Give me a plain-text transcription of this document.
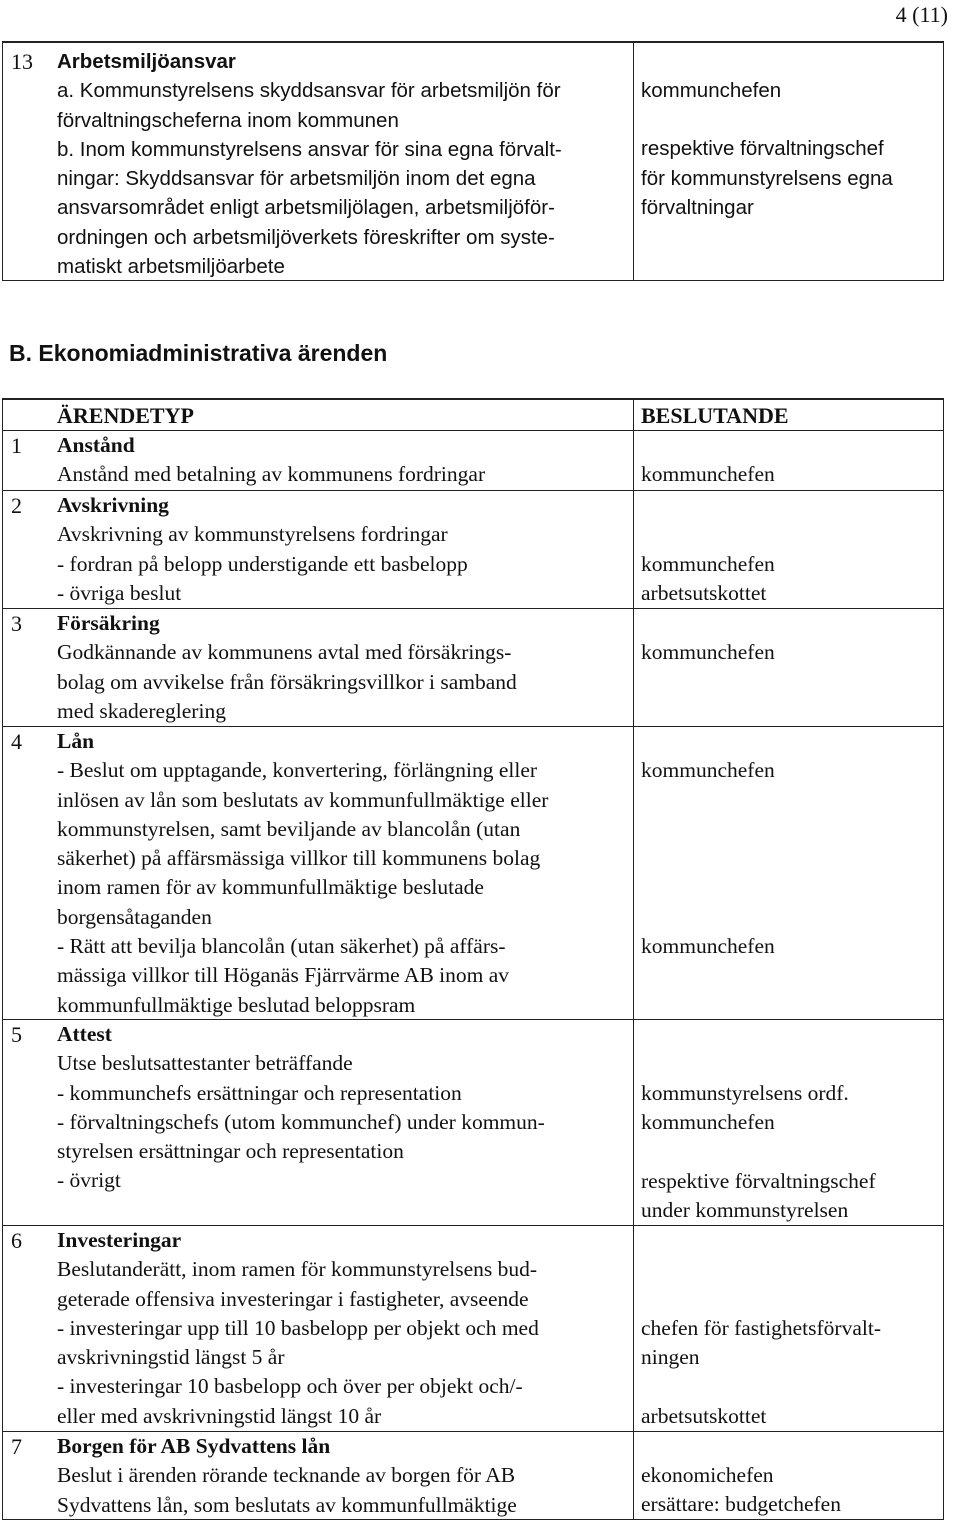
4 (11)
13 Arbetsmiljöansvar
a. Kommunstyrelsens skyddsansvar för arbetsmiljön för
förvaltningscheferna inom kommunen
b. Inom kommunstyrelsens ansvar för sina egna förvalt-
ningar: Skyddsansvar för arbetsmiljön inom det egna
ansvarsområdet enligt arbetsmiljölagen, arbetsmiljöför-
ordningen och arbetsmiljöverkets föreskrifter om syste-
matiskt arbetsmiljöarbete
kommunchefen
respektive förvaltningschef
för kommunstyrelsens egna
förvaltningar
B. Ekonomiadministrativa ärenden
ÄRENDETYP	BESLUTANDE
1 Anstånd
Anstånd med betalning av kommunens fordringar	kommunchefen
2 Avskrivning
Avskrivning av kommunstyrelsens fordringar
- fordran på belopp understigande ett basbelopp
- övriga beslut
kommunchefen
arbetsutskottet
3 Försäkring
Godkännande av kommunens avtal med försäkrings-
bolag om avvikelse från försäkringsvillkor i samband
med skadereglering
kommunchefen
4 Lån
- Beslut om upptagande, konvertering, förlängning eller
inlösen av lån som beslutats av kommunfullmäktige eller
kommunstyrelsen, samt beviljande av blancolån (utan
säkerhet) på affärsmässiga villkor till kommunens bolag
inom ramen för av kommunfullmäktige beslutade
borgensåtaganden
- Rätt att bevilja blancolån (utan säkerhet) på affärs-
mässiga villkor till Höganäs Fjärrvärme AB inom av
kommunfullmäktige beslutad beloppsram
kommunchefen
kommunchefen
5 Attest
Utse beslutsattestanter beträffande
- kommunchefs ersättningar och representation
- förvaltningschefs (utom kommunchef) under kommun-
styrelsen ersättningar och representation
- övrigt
kommunstyrelsens ordf.
kommunchefen
respektive förvaltningschef
under kommunstyrelsen
6 Investeringar
Beslutanderätt, inom ramen för kommunstyrelsens bud-
geterade offensiva investeringar i fastigheter, avseende
- investeringar upp till 10 basbelopp per objekt och med
avskrivningstid längst 5 år
- investeringar 10 basbelopp och över per objekt och/-
eller med avskrivningstid längst 10 år
chefen för fastighetsförvalt-
ningen
arbetsutskottet
7 Borgen för AB Sydvattens lån
Beslut i ärenden rörande tecknande av borgen för AB
Sydvattens lån, som beslutats av kommunfullmäktige
ekonomichefen
ersättare: budgetchefen
